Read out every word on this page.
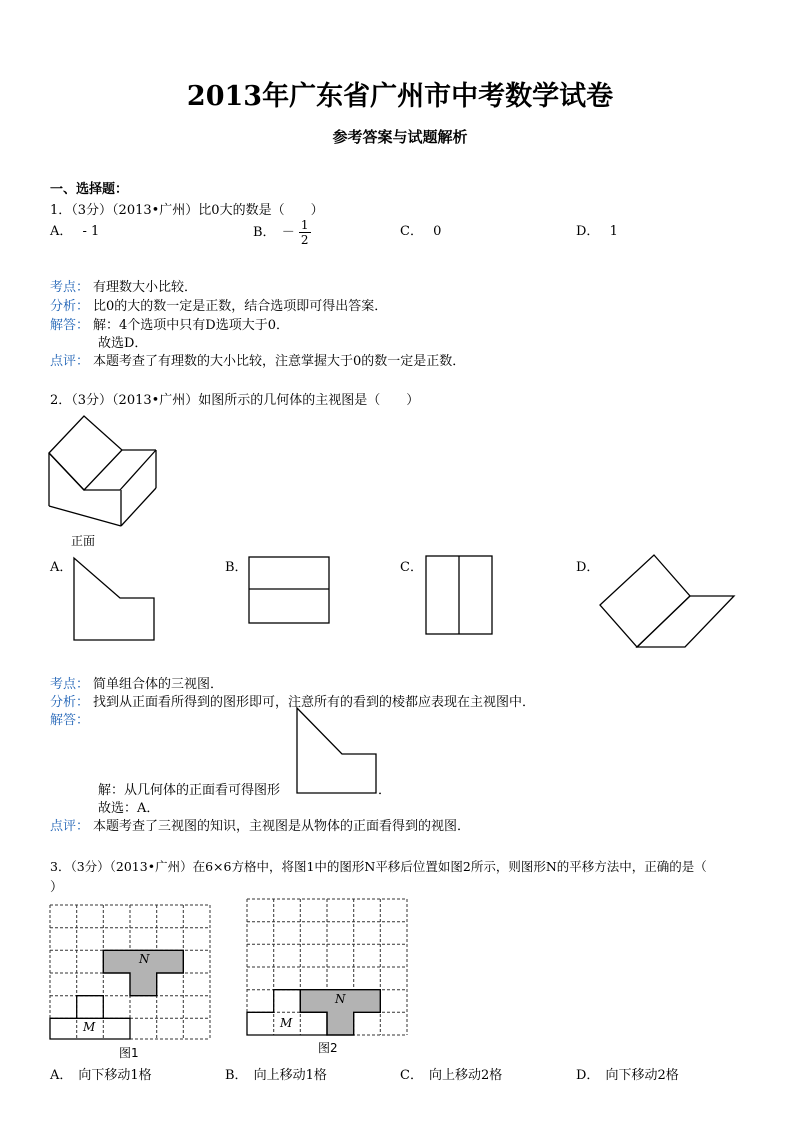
2013年广东省广州市中考数学试卷
参考答案与试题解析
一、选择题：
1．（3分）（2013•广州）比0大的数是（　　）
A． - 1	B． － $\frac{1}{2}$	C． 0	D． 1
考点： 有理数大小比较．
分析： 比0的大的数一定是正数，结合选项即可得出答案．
解答： 解：4个选项中只有D选项大于0．
故选D．
点评： 本题考查了有理数的大小比较，注意掌握大于0的数一定是正数．
2．（3分）（2013•广州）如图所示的几何体的主视图是（　　）
正面
A．	B．	C．	D．
考点： 简单组合体的三视图．
分析： 找到从正面看所得到的图形即可，注意所有的看到的棱都应表现在主视图中．
解答：
解：从几何体的正面看可得图形	．
故选：A．
点评： 本题考查了三视图的知识，主视图是从物体的正面看得到的视图．
3．（3分）（2013•广州）在6×6方格中，将图1中的图形N平移后位置如图2所示，则图形N的平移方法中，正确的是（
）
N
M
图1
N
M
图2
A． 向下移动1格	B． 向上移动1格	C． 向上移动2格	D． 向下移动2格
